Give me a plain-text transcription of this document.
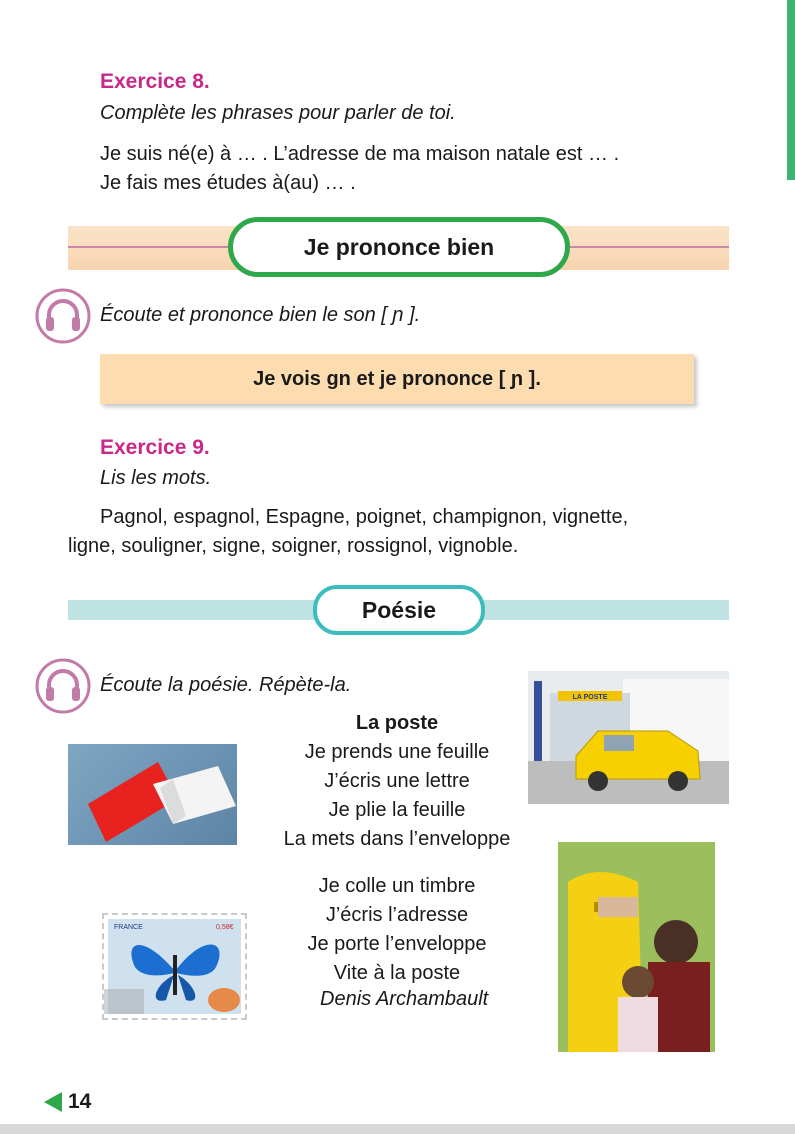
Exercice 8.
Complète les phrases pour parler de toi.
Je suis né(e) à … . L’adresse de ma maison natale est … .
Je fais mes études à(au) … .
Je prononce bien
Écoute et prononce bien le son [ ɲ ].
Je vois gn et je prononce [ ɲ ].
Exercice 9.
Lis les mots.
Pagnol, espagnol, Espagne, poignet, champignon, vignette,
ligne, souligner, signe, soigner, rossignol, vignoble.
Poésie
Écoute la poésie. Répète-la.
La poste
Je prends une feuille
J’écris une lettre
Je plie la feuille
La mets dans l’enveloppe
Je colle un timbre
J’écris l’adresse
Je porte l’enveloppe
Vite à la poste
Denis Archambault
LA POSTE
FRANCE	0,58€
14
